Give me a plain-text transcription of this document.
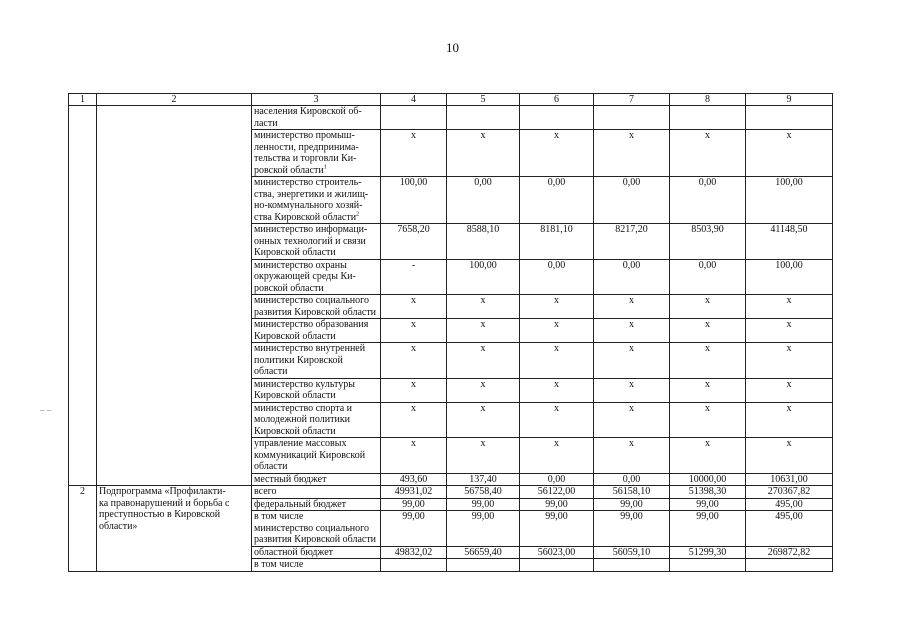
10
– –
1	2	3	4	5	6	7	8	9
		населения Кировской об-
ласти						
		министерство промыш-
ленности, предпринима-
тельства и торговли Ки-
ровской области$^1$	x	x	x	x	x	x
		министерство строитель-
ства, энергетики и жилищ-
но-коммунального хозяй-
ства Кировской области$^2$	100,00	0,00	0,00	0,00	0,00	100,00
		министерство информаци-
онных технологий и связи
Кировской области	7658,20	8588,10	8181,10	8217,20	8503,90	41148,50
		министерство охраны
окружающей среды Ки-
ровской области	-	100,00	0,00	0,00	0,00	100,00
		министерство социального
развития Кировской области	x	x	x	x	x	x
		министерство образования
Кировской области	x	x	x	x	x	x
		министерство внутренней
политики Кировской области	x	x	x	x	x	x
		министерство культуры
Кировской области	x	x	x	x	x	x
		министерство спорта и
молодежной политики
Кировской области	x	x	x	x	x	x
		управление массовых
коммуникаций Кировской
области	x	x	x	x	x	x
		местный бюджет	493,60	137,40	0,00	0,00	10000,00	10631,00
2	Подпрограмма «Профилакти-
ка правонарушений и борьба с
преступностью в Кировской
области»	всего	49931,02	56758,40	56122,00	56158,10	51398,30	270367,82
		федеральный бюджет	99,00	99,00	99,00	99,00	99,00	495,00
		в том числе
министерство социального
развития Кировской области	99,00	99,00	99,00	99,00	99,00	495,00
		областной бюджет	49832,02	56659,40	56023,00	56059,10	51299,30	269872,82
		в том числе						
